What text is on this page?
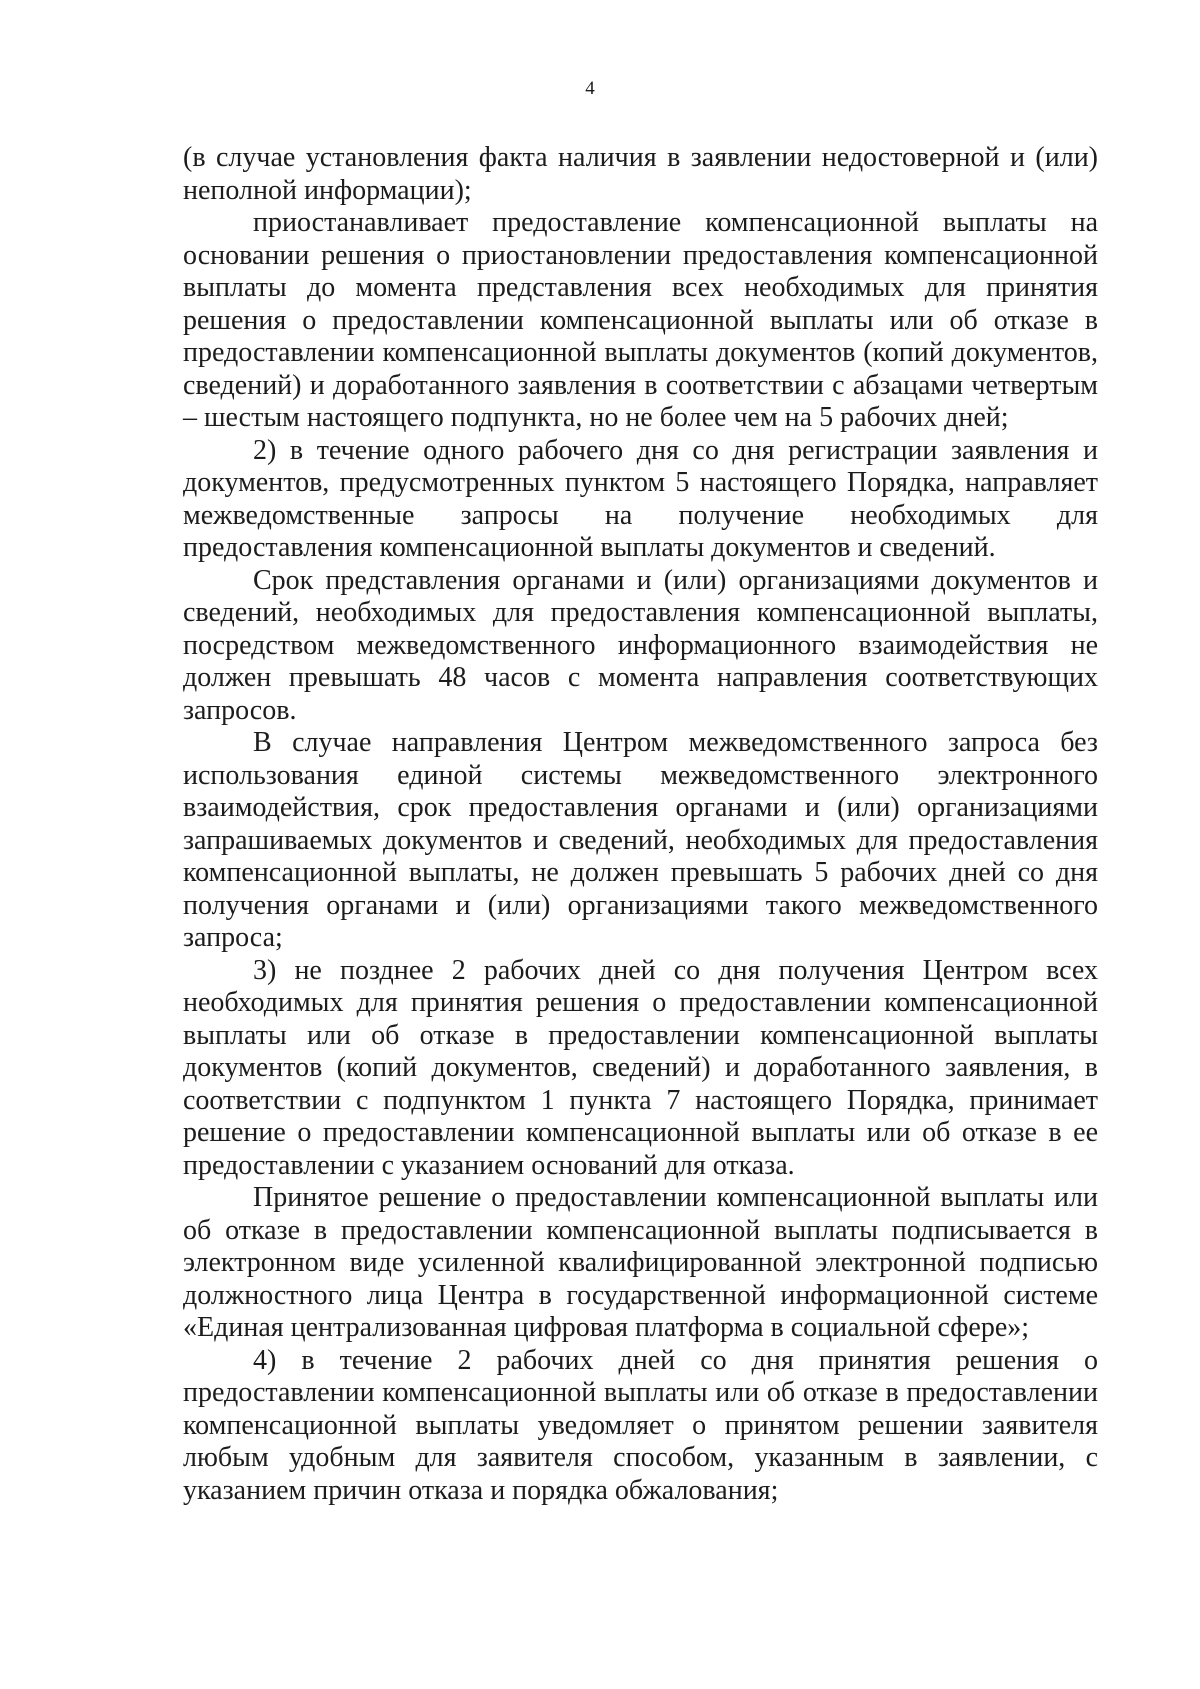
4

(в случае установления факта наличия в заявлении недостоверной и (или) неполной информации);

приостанавливает предоставление компенсационной выплаты на основании решения о приостановлении предоставления компенсационной выплаты до момента представления всех необходимых для принятия решения о предоставлении компенсационной выплаты или об отказе в предоставлении компенсационной выплаты документов (копий документов, сведений) и доработанного заявления в соответствии с абзацами четвертым – шестым настоящего подпункта, но не более чем на 5 рабочих дней;

2) в течение одного рабочего дня со дня регистрации заявления и документов, предусмотренных пунктом 5 настоящего Порядка, направляет межведомственные запросы на получение необходимых для предоставления компенсационной выплаты документов и сведений.

Срок представления органами и (или) организациями документов и сведений, необходимых для предоставления компенсационной выплаты, посредством межведомственного информационного взаимодействия не должен превышать 48 часов с момента направления соответствующих запросов.

В случае направления Центром межведомственного запроса без использования единой системы межведомственного электронного взаимодействия, срок предоставления органами и (или) организациями запрашиваемых документов и сведений, необходимых для предоставления компенсационной выплаты, не должен превышать 5 рабочих дней со дня получения органами и (или) организациями такого межведомственного запроса;

3) не позднее 2 рабочих дней со дня получения Центром всех необходимых для принятия решения о предоставлении компенсационной выплаты или об отказе в предоставлении компенсационной выплаты документов (копий документов, сведений) и доработанного заявления, в соответствии с подпунктом 1 пункта 7 настоящего Порядка, принимает решение о предоставлении компенсационной выплаты или об отказе в ее предоставлении с указанием оснований для отказа.

Принятое решение о предоставлении компенсационной выплаты или об отказе в предоставлении компенсационной выплаты подписывается в электронном виде усиленной квалифицированной электронной подписью должностного лица Центра в государственной информационной системе «Единая централизованная цифровая платформа в социальной сфере»;

4) в течение 2 рабочих дней со дня принятия решения о предоставлении компенсационной выплаты или об отказе в предоставлении компенсационной выплаты уведомляет о принятом решении заявителя любым удобным для заявителя способом, указанным в заявлении, с указанием причин отказа и порядка обжалования;
